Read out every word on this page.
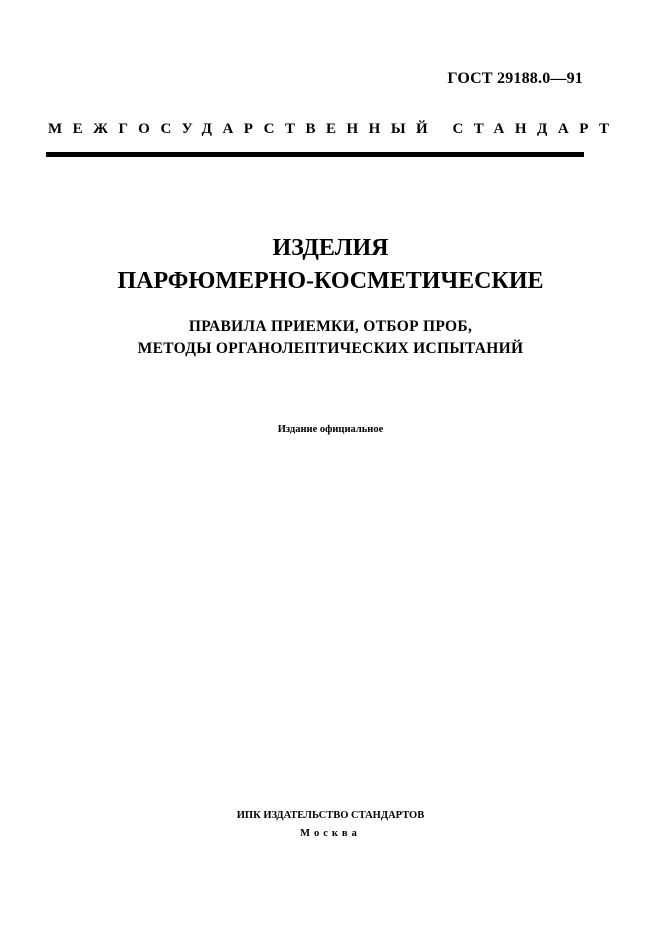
ГОСТ 29188.0—91
МЕЖГОСУДАРСТВЕННЫЙ СТАНДАРТ
ИЗДЕЛИЯ
ПАРФЮМЕРНО-КОСМЕТИЧЕСКИЕ
ПРАВИЛА ПРИЕМКИ, ОТБОР ПРОБ,
МЕТОДЫ ОРГАНОЛЕПТИЧЕСКИХ ИСПЫТАНИЙ
Издание официальное
ИПК ИЗДАТЕЛЬСТВО СТАНДАРТОВ
Москва
